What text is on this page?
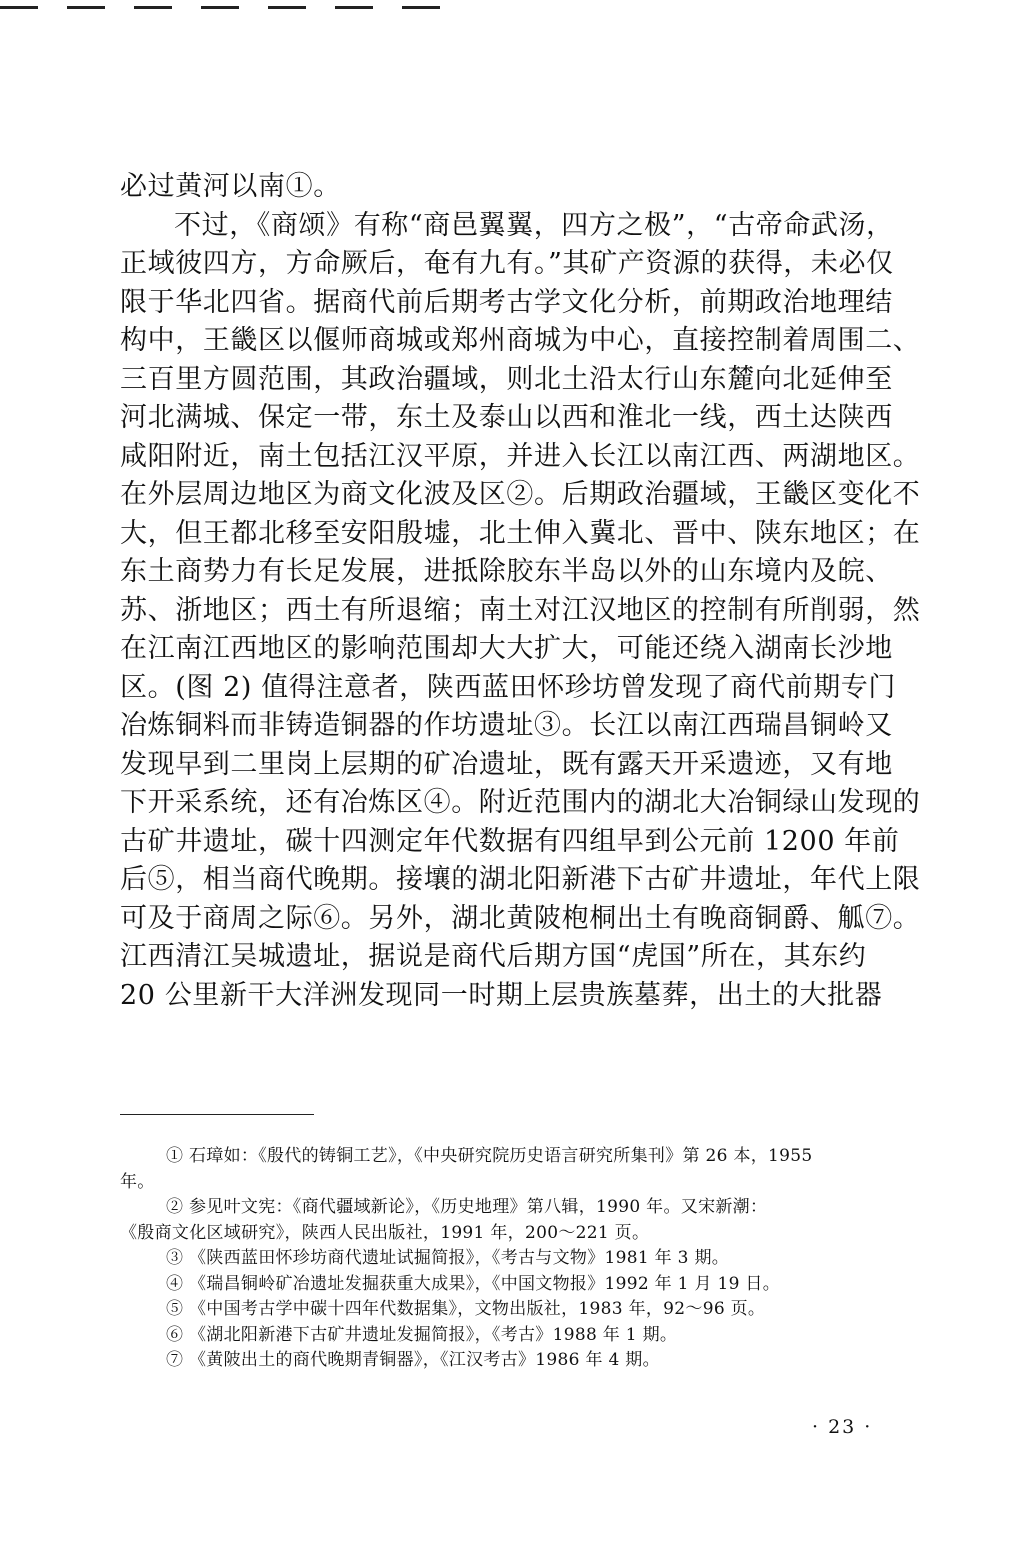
必过黄河以南①。
不过，《商颂》有称“商邑翼翼，四方之极”，“古帝命武汤，
正域彼四方，方命厥后，奄有九有。”其矿产资源的获得，未必仅
限于华北四省。据商代前后期考古学文化分析，前期政治地理结
构中，王畿区以偃师商城或郑州商城为中心，直接控制着周围二、
三百里方圆范围，其政治疆域，则北土沿太行山东麓向北延伸至
河北满城、保定一带，东土及泰山以西和淮北一线，西土达陕西
咸阳附近，南土包括江汉平原，并进入长江以南江西、两湖地区。
在外层周边地区为商文化波及区②。后期政治疆域，王畿区变化不
大，但王都北移至安阳殷墟，北土伸入冀北、晋中、陕东地区；在
东土商势力有长足发展，进抵除胶东半岛以外的山东境内及皖、
苏、浙地区；西土有所退缩；南土对江汉地区的控制有所削弱，然
在江南江西地区的影响范围却大大扩大，可能还绕入湖南长沙地
区。(图 2) 值得注意者，陕西蓝田怀珍坊曾发现了商代前期专门
冶炼铜料而非铸造铜器的作坊遗址③。长江以南江西瑞昌铜岭又
发现早到二里岗上层期的矿冶遗址，既有露天开采遗迹，又有地
下开采系统，还有冶炼区④。附近范围内的湖北大冶铜绿山发现的
古矿井遗址，碳十四测定年代数据有四组早到公元前 1200 年前
后⑤，相当商代晚期。接壤的湖北阳新港下古矿井遗址，年代上限
可及于商周之际⑥。另外，湖北黄陂枹桐出土有晚商铜爵、觚⑦。
江西清江吴城遗址，据说是商代后期方国“虎国”所在，其东约
20 公里新干大洋洲发现同一时期上层贵族墓葬，出土的大批器
① 石璋如：《殷代的铸铜工艺》，《中央研究院历史语言研究所集刊》第 26 本，1955
年。
② 参见叶文宪：《商代疆域新论》，《历史地理》第八辑，1990 年。又宋新潮：
《殷商文化区域研究》，陕西人民出版社，1991 年，200～221 页。
③ 《陕西蓝田怀珍坊商代遗址试掘简报》，《考古与文物》1981 年 3 期。
④ 《瑞昌铜岭矿冶遗址发掘获重大成果》，《中国文物报》1992 年 1 月 19 日。
⑤ 《中国考古学中碳十四年代数据集》，文物出版社，1983 年，92～96 页。
⑥ 《湖北阳新港下古矿井遗址发掘简报》，《考古》1988 年 1 期。
⑦ 《黄陂出土的商代晚期青铜器》，《江汉考古》1986 年 4 期。
· 23 ·
